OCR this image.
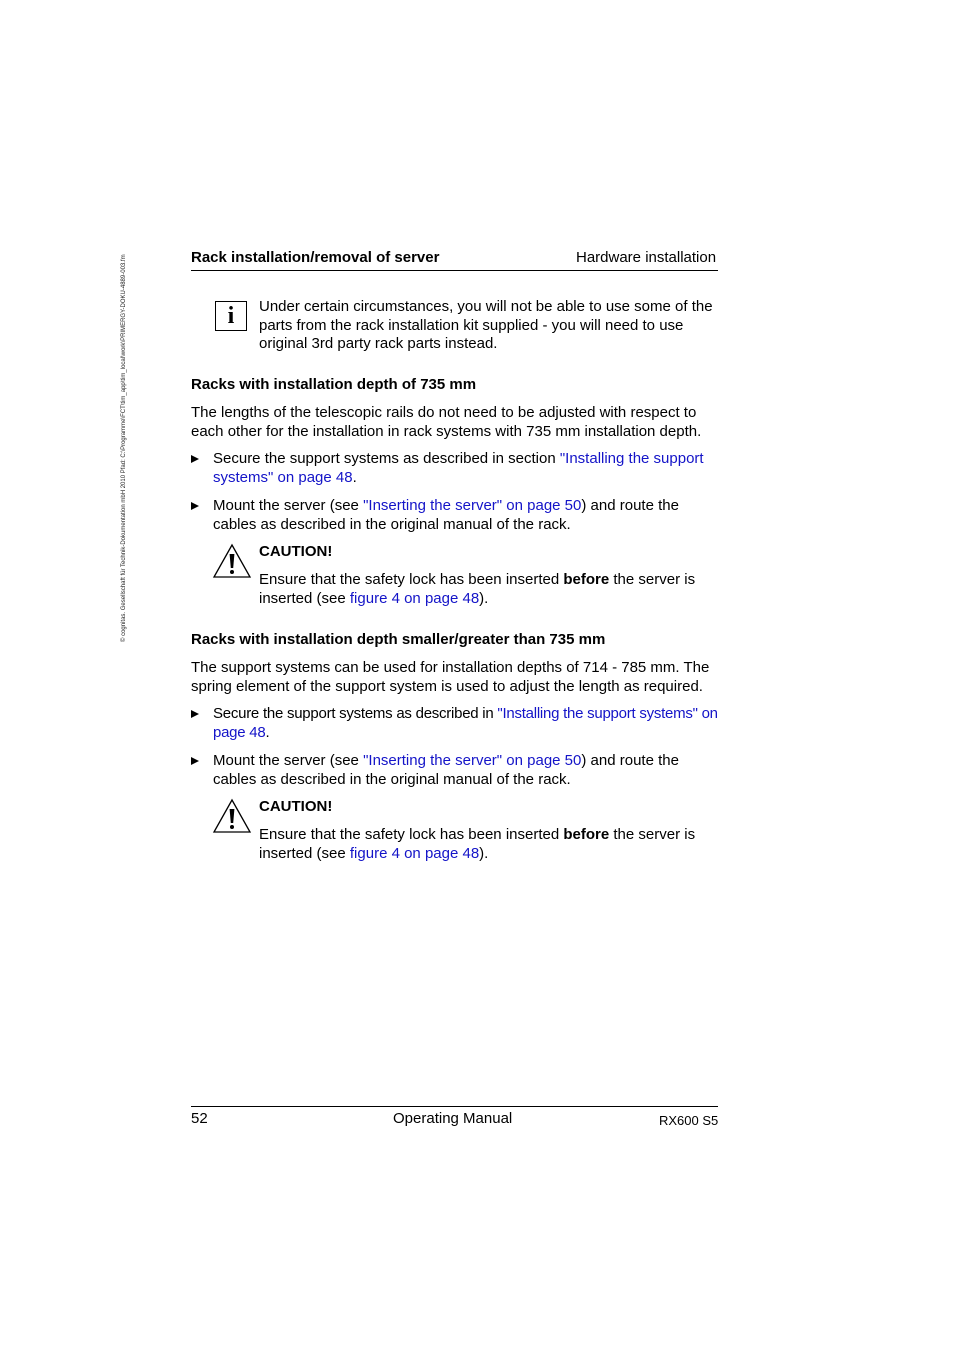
© cognitas. Gesellschaft für Technik-Dokumentation mbH 2010 Pfad: C:\Programme\FCT\tim_app\tim_local\work\PRIMERGY-DOKU-4889-003.fm	Rack installation/removal of server	Hardware installation
i	Under certain circumstances, you will not be able to use some of the parts from the rack installation kit supplied - you will need to use original 3rd party rack parts instead.
Racks with installation depth of 735 mm
The lengths of the telescopic rails do not need to be adjusted with respect to each other for the installation in rack systems with 735 mm installation depth.
Secure the support systems as described in section "Installing the support systems" on page 48.
Mount the server (see "Inserting the server" on page 50) and route the cables as described in the original manual of the rack.
CAUTION!
Ensure that the safety lock has been inserted before the server is inserted (see figure 4 on page 48).
Racks with installation depth smaller/greater than 735 mm
The support systems can be used for installation depths of 714 - 785 mm. The spring element of the support system is used to adjust the length as required.
Secure the support systems as described in "Installing the support systems" on page 48.
Mount the server (see "Inserting the server" on page 50) and route the cables as described in the original manual of the rack.
CAUTION!
Ensure that the safety lock has been inserted before the server is inserted (see figure 4 on page 48).
52	Operating Manual	RX600 S5
